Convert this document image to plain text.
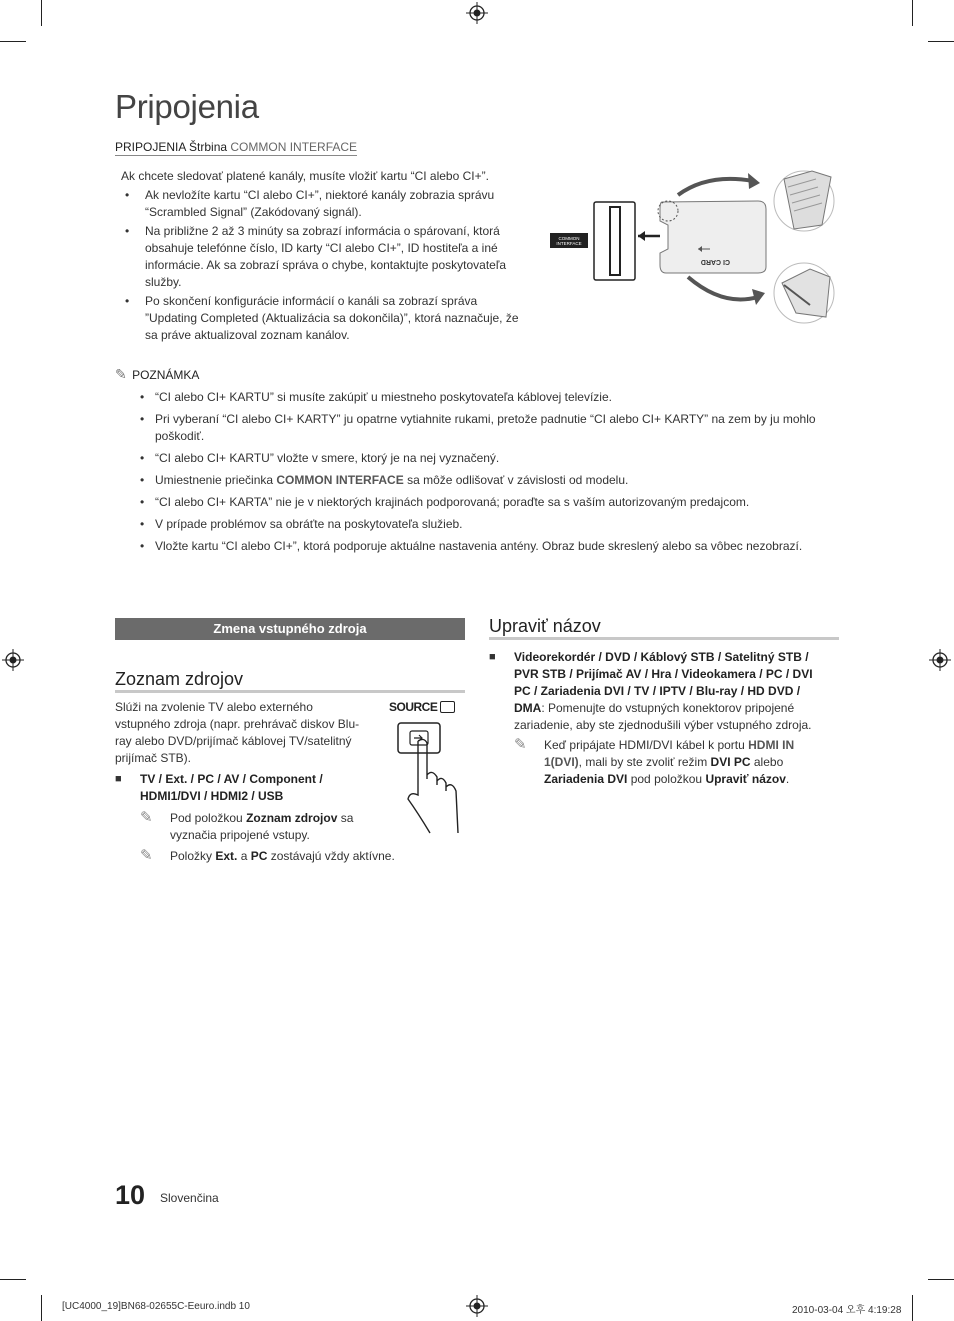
Pripojenia
PRIPOJENIA Štrbina COMMON INTERFACE
Ak chcete sledovať platené kanály, musíte vložiť kartu “CI alebo CI+”.
• Ak nevložíte kartu “CI alebo CI+”, niektoré kanály zobrazia správu “Scrambled Signal” (Zakódovaný signál).
• Na približne 2 až 3 minúty sa zobrazí informácia o spárovaní, ktorá obsahuje telefónne číslo, ID karty “CI alebo CI+”, ID hostiteľa a iné informácie. Ak sa zobrazí správa o chybe, kontaktujte poskytovateľa služby.
• Po skončení konfigurácie informácií o kanáli sa zobrazí správa ”Updating Completed (Aktualizácia sa dokončila)”, ktorá naznačuje, že sa práve aktualizoval zoznam kanálov.
COMMON
INTERFACE
CI CARD
✎ POZNÁMKA
• “CI alebo CI+ KARTU” si musíte zakúpiť u miestneho poskytovateľa káblovej televízie.
• Pri vyberaní “CI alebo CI+ KARTY” ju opatrne vytiahnite rukami, pretože padnutie “CI alebo CI+ KARTY” na zem by ju mohlo poškodiť.
• “CI alebo CI+ KARTU” vložte v smere, ktorý je na nej vyznačený.
• Umiestnenie priečinka COMMON INTERFACE sa môže odlišovať v závislosti od modelu.
• “CI alebo CI+ KARTA” nie je v niektorých krajinách podporovaná; poraďte sa s vaším autorizovaným predajcom.
• V prípade problémov sa obráťte na poskytovateľa služieb.
• Vložte kartu “CI alebo CI+”, ktorá podporuje aktuálne nastavenia antény. Obraz bude skreslený alebo sa vôbec nezobrazí.
Zmena vstupného zdroja
Zoznam zdrojov
Slúži na zvolenie TV alebo externého vstupného zdroja (napr. prehrávač diskov Blu-ray alebo DVD/prijímač káblovej TV/satelitný prijímač STB).
■ TV / Ext. / PC / AV / Component / HDMI1/DVI / HDMI2 / USB
✎ Pod položkou Zoznam zdrojov sa vyznačia pripojené vstupy.
✎ Položky Ext. a PC zostávajú vždy aktívne.
SOURCE
Upraviť názov
■ Videorekordér / DVD / Káblový STB / Satelitný STB / PVR STB / Prijímač AV / Hra / Videokamera / PC / DVI PC / Zariadenia DVI / TV / IPTV / Blu-ray / HD DVD / DMA: Pomenujte do vstupných konektorov pripojené zariadenie, aby ste zjednodušili výber vstupného zdroja.
✎ Keď pripájate HDMI/DVI kábel k portu HDMI IN 1(DVI), mali by ste zvoliť režim DVI PC alebo Zariadenia DVI pod položkou Upraviť názov.
10 Slovenčina
[UC4000_19]BN68-02655C-Eeuro.indb 10	2010-03-04 오후 4:19:28
